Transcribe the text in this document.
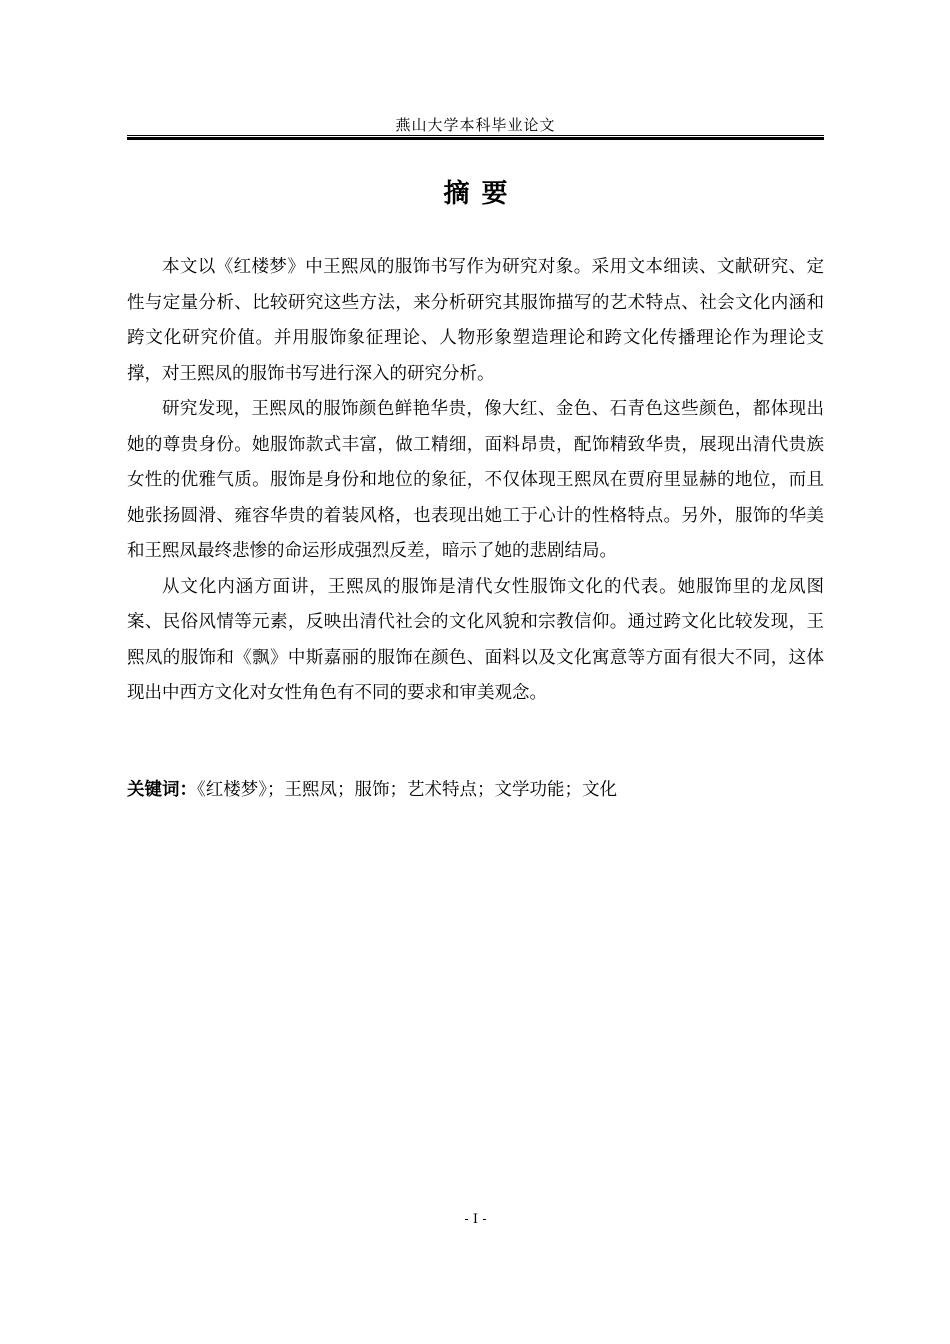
燕山大学本科毕业论文
摘要

本文以《红楼梦》中王熙凤的服饰书写作为研究对象。采用文本细读、文献研究、定性与定量分析、比较研究这些方法，来分析研究其服饰描写的艺术特点、社会文化内涵和跨文化研究价值。并用服饰象征理论、人物形象塑造理论和跨文化传播理论作为理论支撑，对王熙凤的服饰书写进行深入的研究分析。

研究发现，王熙凤的服饰颜色鲜艳华贵，像大红、金色、石青色这些颜色，都体现出她的尊贵身份。她服饰款式丰富，做工精细，面料昂贵，配饰精致华贵，展现出清代贵族女性的优雅气质。服饰是身份和地位的象征，不仅体现王熙凤在贾府里显赫的地位，而且她张扬圆滑、雍容华贵的着装风格，也表现出她工于心计的性格特点。另外，服饰的华美和王熙凤最终悲惨的命运形成强烈反差，暗示了她的悲剧结局。

从文化内涵方面讲，王熙凤的服饰是清代女性服饰文化的代表。她服饰里的龙凤图案、民俗风情等元素，反映出清代社会的文化风貌和宗教信仰。通过跨文化比较发现，王熙凤的服饰和《飘》中斯嘉丽的服饰在颜色、面料以及文化寓意等方面有很大不同，这体现出中西方文化对女性角色有不同的要求和审美观念。

关键词：《红楼梦》；王熙凤；服饰；艺术特点；文学功能；文化
- I -
